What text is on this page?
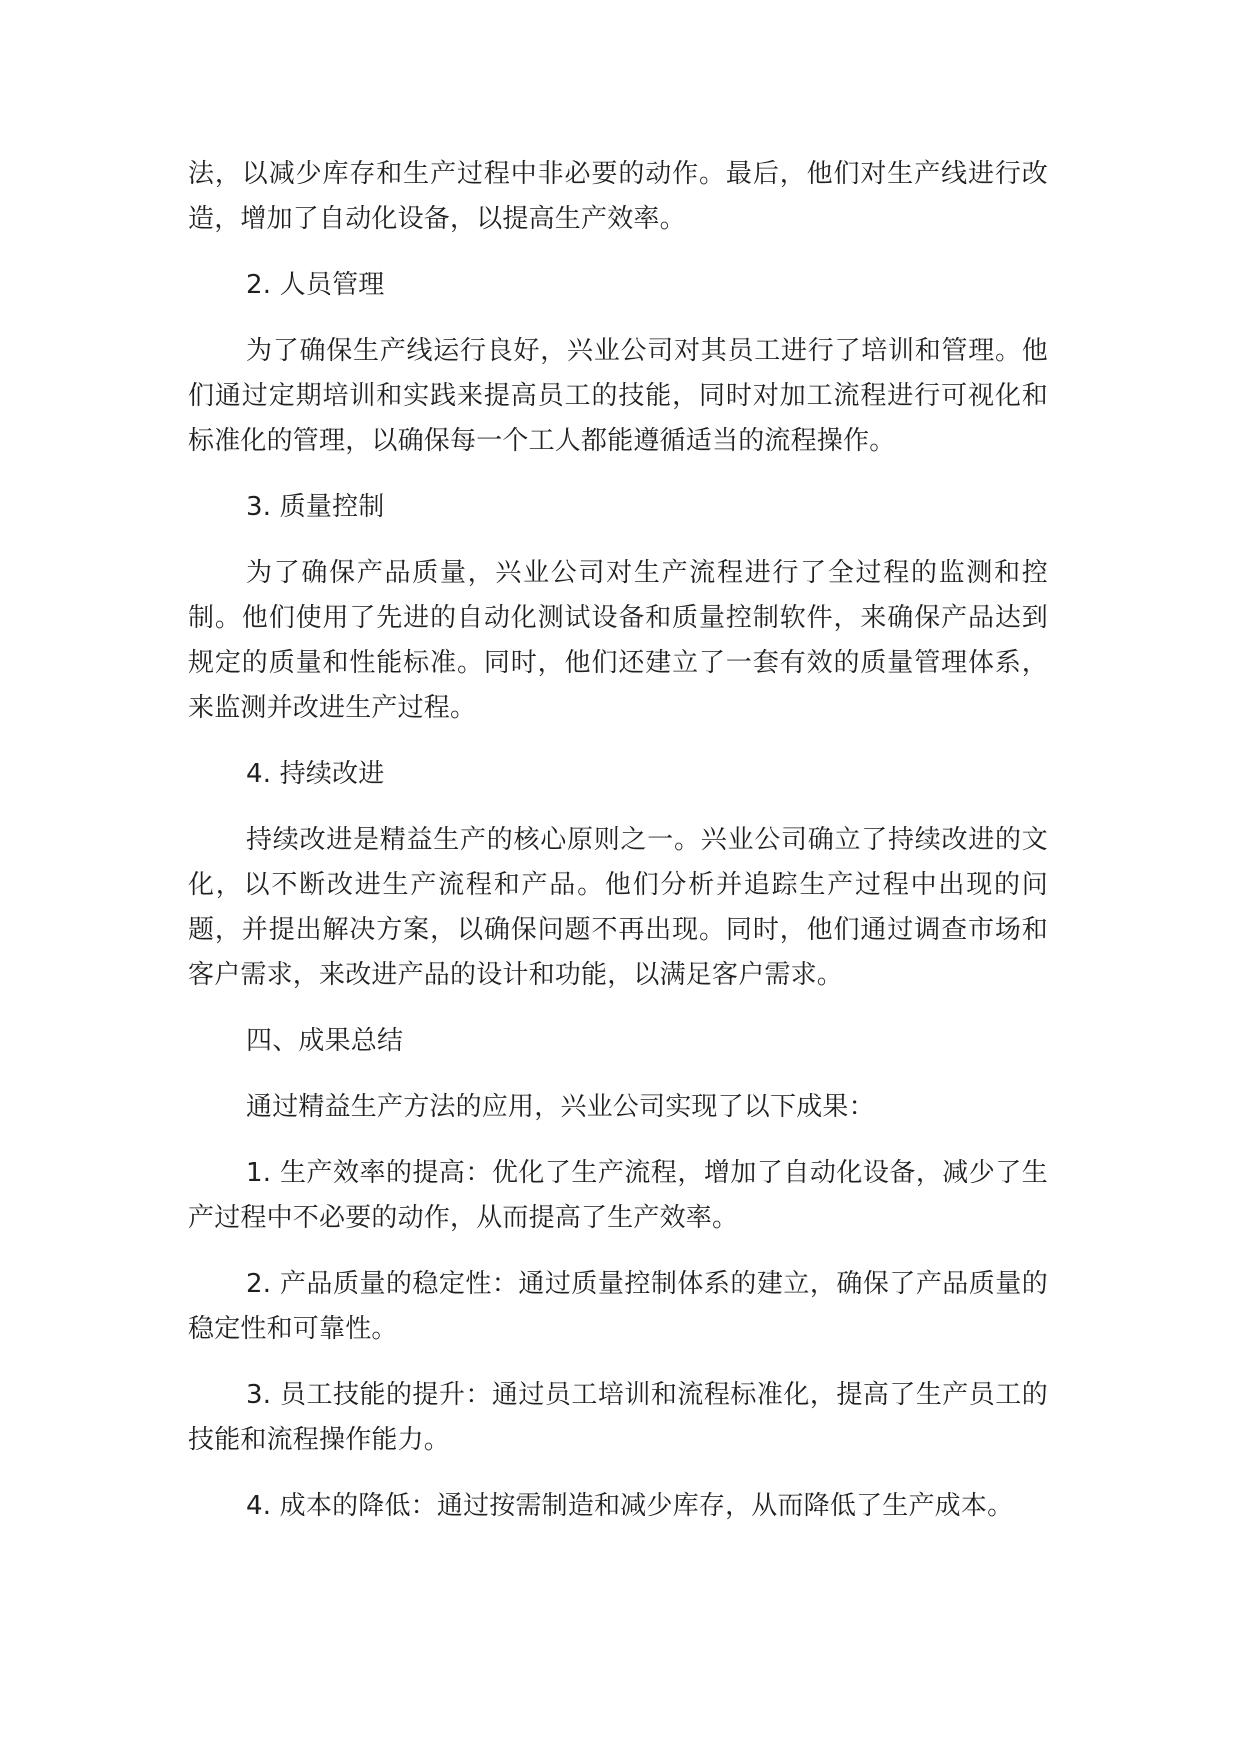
法，以减少库存和生产过程中非必要的动作。最后，他们对生产线进行改造，增加了自动化设备，以提高生产效率。

2. 人员管理

为了确保生产线运行良好，兴业公司对其员工进行了培训和管理。他们通过定期培训和实践来提高员工的技能，同时对加工流程进行可视化和标准化的管理，以确保每一个工人都能遵循适当的流程操作。

3. 质量控制

为了确保产品质量，兴业公司对生产流程进行了全过程的监测和控制。他们使用了先进的自动化测试设备和质量控制软件，来确保产品达到规定的质量和性能标准。同时，他们还建立了一套有效的质量管理体系，来监测并改进生产过程。

4. 持续改进

持续改进是精益生产的核心原则之一。兴业公司确立了持续改进的文化，以不断改进生产流程和产品。他们分析并追踪生产过程中出现的问题，并提出解决方案，以确保问题不再出现。同时，他们通过调查市场和客户需求，来改进产品的设计和功能，以满足客户需求。

四、成果总结

通过精益生产方法的应用，兴业公司实现了以下成果：

1. 生产效率的提高：优化了生产流程，增加了自动化设备，减少了生产过程中不必要的动作，从而提高了生产效率。

2. 产品质量的稳定性：通过质量控制体系的建立，确保了产品质量的稳定性和可靠性。

3. 员工技能的提升：通过员工培训和流程标准化，提高了生产员工的技能和流程操作能力。

4. 成本的降低：通过按需制造和减少库存，从而降低了生产成本。
